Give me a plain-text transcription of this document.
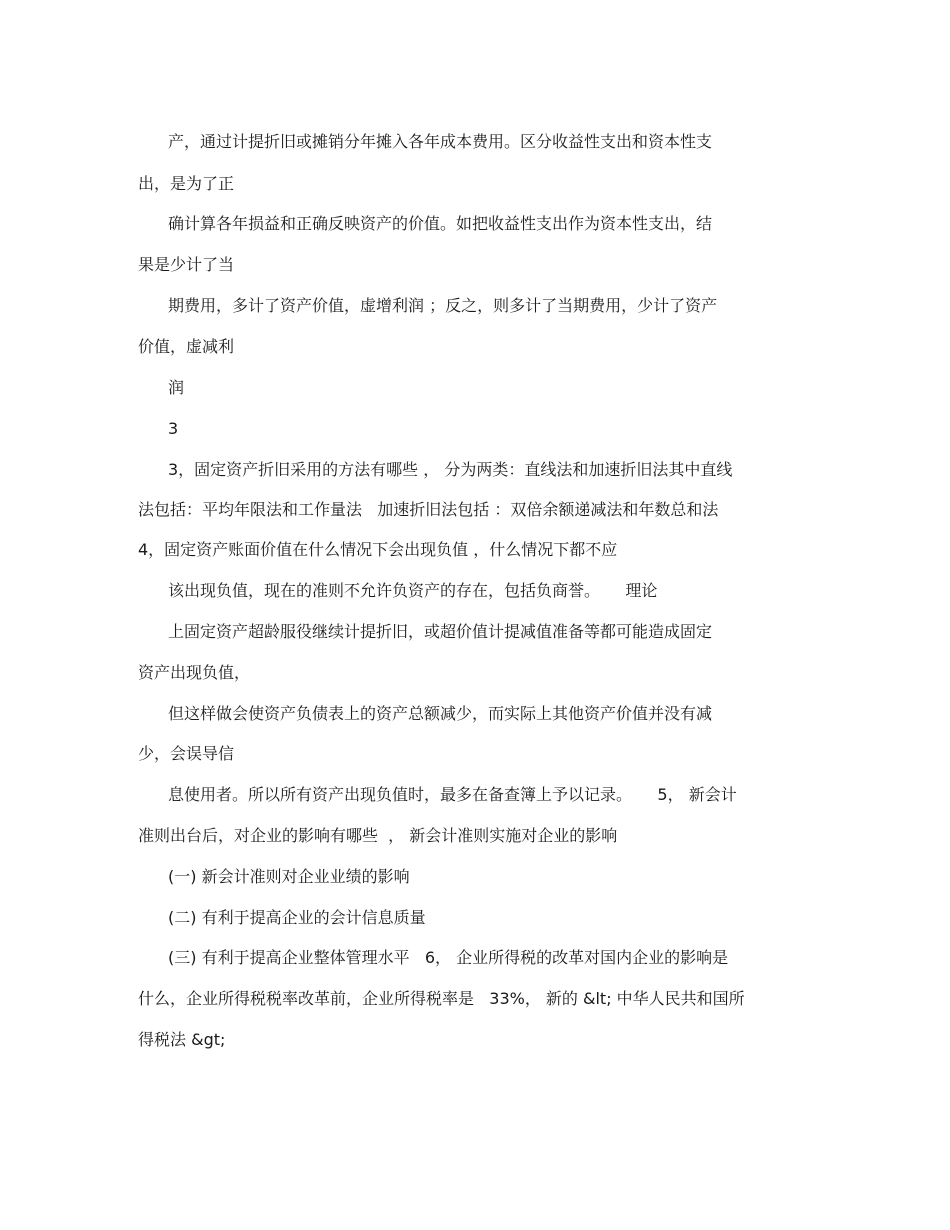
产，通过计提折旧或摊销分年摊入各年成本费用。区分收益性支出和资本性支
出，是为了正
确计算各年损益和正确反映资产的价值。如把收益性支出作为资本性支出，结
果是少计了当
期费用，多计了资产价值，虚增利润 ；反之，则多计了当期费用，少计了资产
价值，虚减利
润
3
3，固定资产折旧采用的方法有哪些 ， 分为两类：直线法和加速折旧法其中直线
法包括：平均年限法和工作量法   加速折旧法包括 ：双倍余额递减法和年数总和法
4，固定资产账面价值在什么情况下会出现负值 ，什么情况下都不应
该出现负值，现在的准则不允许负资产的存在，包括负商誉。     理论
上固定资产超龄服役继续计提折旧，或超价值计提减值准备等都可能造成固定
资产出现负值，
但这样做会使资产负债表上的资产总额减少，而实际上其他资产价值并没有减
少，会误导信
息使用者。所以所有资产出现负值时，最多在备查簿上予以记录。     5， 新会计
准则出台后，对企业的影响有哪些  ， 新会计准则实施对企业的影响
(一) 新会计准则对企业业绩的影响
(二) 有利于提高企业的会计信息质量
(三) 有利于提高企业整体管理水平   6， 企业所得税的改革对国内企业的影响是
什么，企业所得税税率改革前，企业所得税率是   33%， 新的 &lt; 中华人民共和国所
得税法 &gt;
